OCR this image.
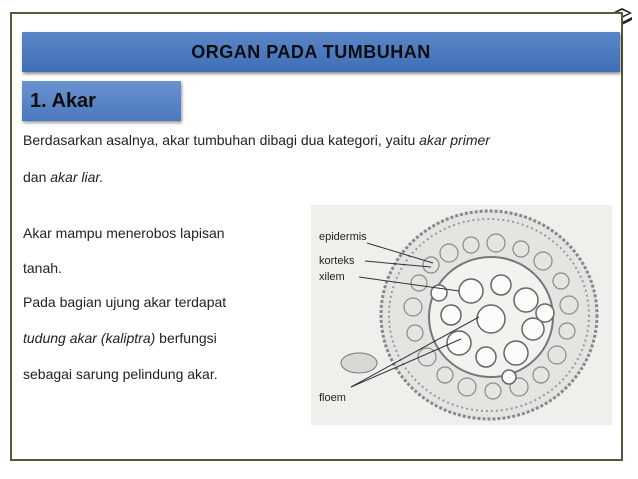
ORGAN PADA TUMBUHAN
1. Akar
Berdasarkan asalnya, akar tumbuhan dibagi dua kategori, yaitu akar primer
dan akar liar.
Akar mampu menerobos lapisan
tanah.
Pada bagian ujung akar terdapat
tudung akar (kaliptra) berfungsi
sebagai sarung pelindung akar.
epidermis
korteks
xilem
floem
